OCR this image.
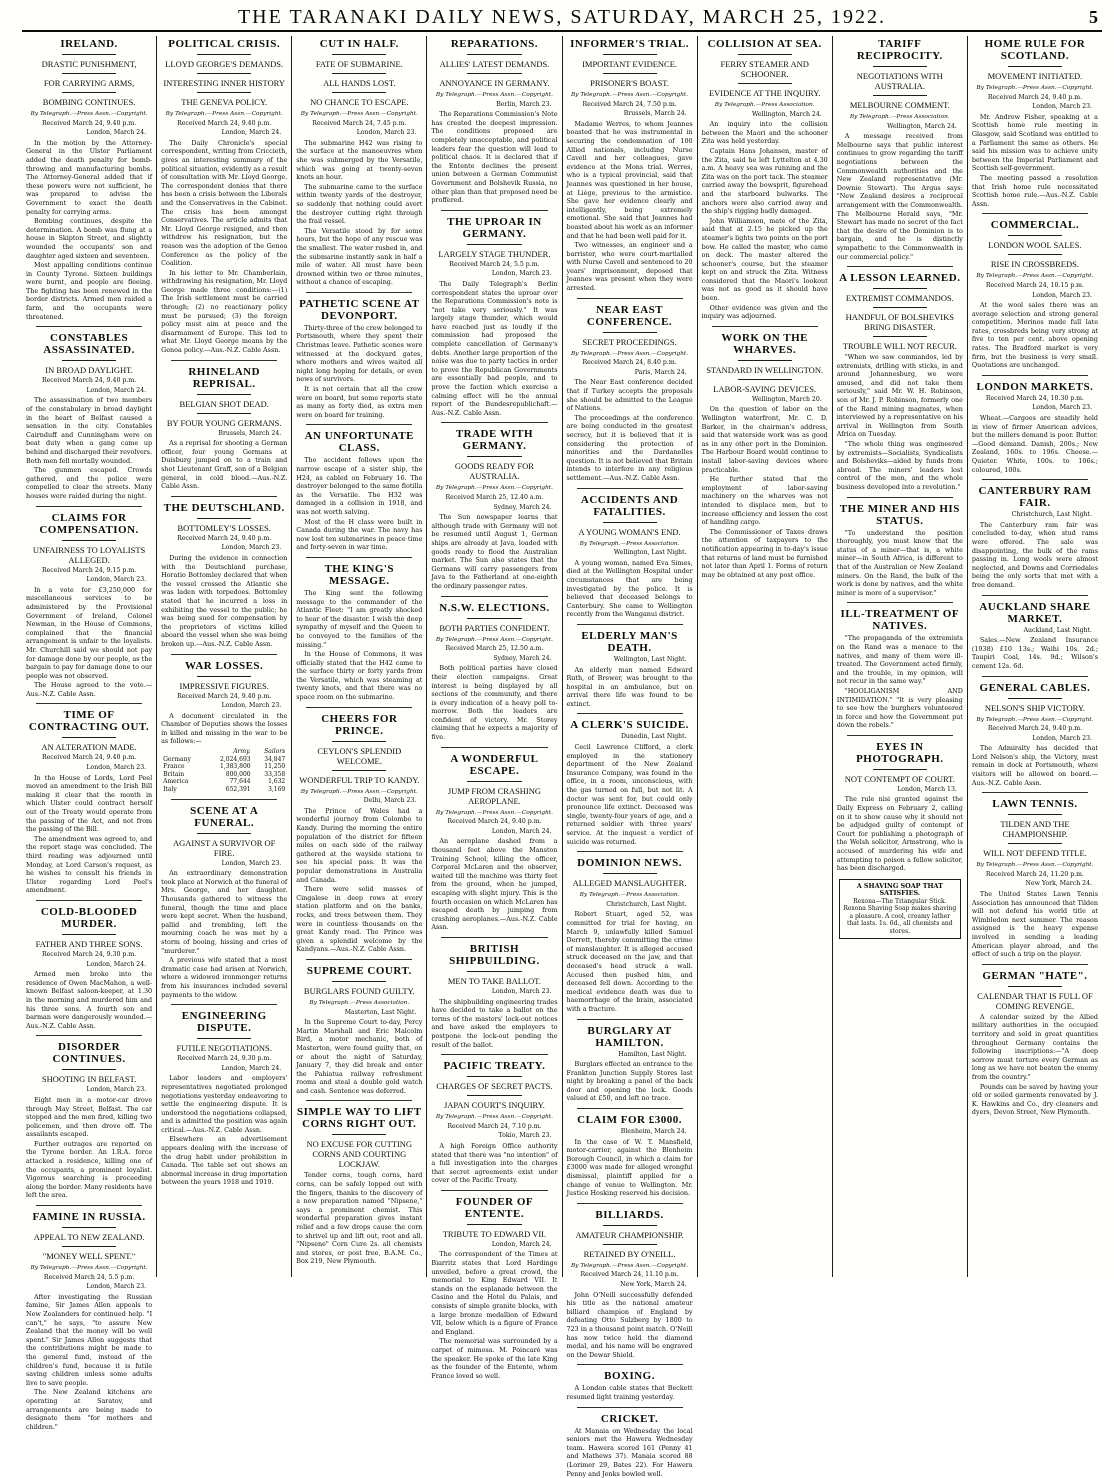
THE TARANAKI DAILY NEWS, SATURDAY, MARCH 25, 1922.	5
IRELAND.
DRASTIC PUNISHMENT,
FOR CARRYING ARMS,
BOMBING CONTINUES.
By Telegraph.—Press Assn.—Copyright.
Received March 24, 9.40 p.m.
London, March 24.

In the motion by the Attorney-General in the Ulster Parliament added the death penalty for bomb-throwing and manufacturing bombs. The Attorney-General added that if these powers were not sufficient, he was prepared to advise the Government to exact the death penalty for carrying arms.

Bombing continues, despite the determination. A bomb was flung at a house in Skipton Street, and slightly wounded the occupants' son and daughter aged sixteen and seventeen.

Most appalling conditions continue in County Tyrone. Sixteen buildings were burnt, and people are fleeing. The fighting has been renewed in the border districts. Armed men raided a farm, and the occupants were threatened.

CONSTABLES ASSASSINATED.
IN BROAD DAYLIGHT.
Received March 24, 9.40 p.m.
London, March 24.

The assassination of two members of the constabulary in broad daylight in the heart of Belfast caused a sensation in the city. Constables Cairnduff and Cunningham were on beat duty when a gang came up behind and discharged their revolvers. Both men fell mortally wounded.

The gunmen escaped. Crowds gathered, and the police were compelled to clear the streets. Many houses were raided during the night.

CLAIMS FOR COMPENSATION.
UNFAIRNESS TO LOYALISTS ALLEGED.
Received March 24, 9.15 p.m.
London, March 23.

In a vote for £3,250,000 for miscellaneous services to be administered by the Provisional Government of Ireland, Colonel Newman, in the House of Commons, complained that the financial arrangement is unfair to the loyalists. Mr. Churchill said we should not pay for damage done by our people, as the bargain to pay for damage done to our people was not observed.

The House agreed to the vote.—Aus.-N.Z. Cable Assn.

TIME OF CONTRACTING OUT.
AN ALTERATION MADE.
Received March 24, 9.40 p.m.
London, March 23.

In the House of Lords, Lord Peel moved an amendment to the Irish Bill making it clear that the month in which Ulster could contract herself out of the Treaty would operate from the passing of the Act, and not from the passing of the Bill.

The amendment was agreed to, and the report stage was concluded. The third reading was adjourned until Monday, at Lord Carson's request, as he wishes to consult his friends in Ulster regarding Lord Peel's amendment.

COLD-BLOODED MURDER.
FATHER AND THREE SONS.
Received March 24, 9.30 p.m.
London, March 24.

Armed men broke into the residence of Owen MacMahon, a well-known Belfast saloon-keeper, at 1.30 in the morning and murdered him and his three sons. A fourth son and barman were dangerously wounded.—Aus.-N.Z. Cable Assn.

DISORDER CONTINUES.
SHOOTING IN BELFAST.
London, March 23.

Eight men in a motor-car drove through May Street, Belfast. The car stopped and the men fired, killing two policemen, and then drove off. The assailants escaped.

Further outrages are reported on the Tyrone border. An I.R.A. force attacked a residence, killing one of the occupants, a prominent loyalist. Vigorous searching is proceeding along the border. Many residents have left the area.

FAMINE IN RUSSIA.
APPEAL TO NEW ZEALAND.
"MONEY WELL SPENT."
By Telegraph.—Press Assn.—Copyright.
Received March 24, 5.5 p.m.
London, March 23.

After investigating the Russian famine, Sir James Allen appeals to New Zealanders for continued help. "I can't," he says, "to assure New Zealand that the money will be well spent." Sir James Allen suggests that the contributions might be made to the general fund, instead of the children's fund, because it is futile saving children unless some adults live to save people.

The New Zealand kitchens are operating at Saratov, and arrangements are being made to designate them "for mothers and children."

POLITICAL CRISIS.
LLOYD GEORGE'S DEMANDS.
INTERESTING INNER HISTORY
THE GENEVA POLICY.
By Telegraph.—Press Assn.—Copyright.
Received March 24, 9.40 p.m.
London, March 24.

The Daily Chronicle's special correspondent, writing from Criccieth, gives an interesting summary of the political situation, evidently as a result of consultation with Mr. Lloyd George. The correspondent denies that there has been a crisis between the Liberals and the Conservatives in the Cabinet. The crisis has been amongst Conservatives. The article admits that Mr. Lloyd George resigned, and then withdrew his resignation, but the reason was the adoption of the Genoa Conference as the policy of the Coalition.

In his letter to Mr. Chamberlain, withdrawing his resignation, Mr. Lloyd George made three conditions:—(1) The Irish settlement must be carried through; (2) no reactionary policy must be pursued; (3) the foreign policy must aim at peace and the disarmament of Europe. This led to what Mr. Lloyd George means by the Genoa policy.—Aus.-N.Z. Cable Assn.

RHINELAND REPRISAL.
BELGIAN SHOT DEAD.
BY FOUR YOUNG GERMANS.
Brussels, March 24.

As a reprisal for shooting a German officer, four young Germans at Duisburg jumped on to a train and shot Lieutenant Graff, son of a Belgian general, in cold blood.—Aus.-N.Z. Cable Assn.

THE DEUTSCHLAND.
BOTTOMLEY'S LOSSES.
Received March 24, 9.40 p.m.
London, March 23.

During the evidence in connection with the Deutschland purchase, Horatio Bottomley declared that when the vessel crossed the Atlantic she was laden with torpedoes. Bottomley stated that he incurred a loss in exhibiting the vessel to the public; he was being sued for compensation by the proprietors of victims killed aboard the vessel when she was being broken up.—Aus.-N.Z. Cable Assn.

WAR LOSSES.
IMPRESSIVE FIGURES.
Received March 24, 9.40 p.m.
London, March 23.

A document circulated in the Chamber of Deputies shows the losses in killed and missing in the war to be as follows:—

	Army.	Sailors
Germany	2,024,693	34,847
France	1,383,800	11,250
Britain	800,000	33,358
America	77,644	1,632
Italy	652,391	3,169
SCENE AT A FUNERAL.
AGAINST A SURVIVOR OF FIRE.
London, March 23.

An extraordinary demonstration took place at Norwich at the funeral of Mrs. George, and her daughter. Thousands gathered to witness the funeral, though the time and place were kept secret. When the husband, pallid and trembling, left the mourning coach he was met by a storm of booing, hissing and cries of "murderer."

A previous wife stated that a most dramatic case had arisen at Norwich, where a widowed ironmonger returns from his insurances included several payments to the widow.

ENGINEERING DISPUTE.
FUTILE NEGOTIATIONS.
Received March 24, 9.30 p.m.
London, March 24.

Labor leaders and employers' representatives negotiated prolonged negotiations yesterday endeavoring to settle the engineering dispute. It is understood the negotiations collapsed, and is admitted the position was again critical.—Aus.-N.Z. Cable Assn.

Elsewhere an advertisement appears dealing with the increase of the drug habit under prohibition in Canada. The table set out shows an abnormal increase in drug importation between the years 1918 and 1919.

CUT IN HALF.
FATE OF SUBMARINE.
ALL HANDS LOST.
NO CHANCE TO ESCAPE.
By Telegraph.—Press Assn.—Copyright.
Received March 24, 7.45 p.m.
London, March 23.

The submarine H42 was rising to the surface at the manoeuvres when she was submerged by the Versatile, which was going at twenty-seven knots an hour.

The submarine came to the surface within twenty yards of the destroyer, so suddenly that nothing could avert the destroyer cutting right through the frail vessel.

The Versatile stood by for some hours, but the hope of any rescue was the smallest. The water rushed in, and the submarine instantly sank in half a mile of water. All must have been drowned within two or three minutes, without a chance of escaping.

PATHETIC SCENE AT DEVONPORT.

Thirty-three of the crew belonged to Portsmouth, where they spent their Christmas leave. Pathetic scenes were witnessed at the dockyard gates, where mothers and wives waited all night long hoping for details, or even news of survivors.

It is not certain that all the crew were on board, but some reports state as many as forty died, as extra men were on board for training.

AN UNFORTUNATE CLASS.

The accident follows upon the narrow escape of a sister ship, the H24, as cabled on February 16. The destroyer belonged to the same flotilla as the Versatile. The H32 was damaged in a collision in 1918, and was not worth salving.

Most of the H class were built in Canada during the war. The navy has now lost ten submarines in peace time and forty-seven in war time.

THE KING'S MESSAGE.

The King sent the following message to the commander of the Atlantic Fleet: "I am greatly shocked to hear of the disaster. I wish the deep sympathy of myself and the Queen to be conveyed to the families of the missing."

In the House of Commons, it was officially stated that the H42 came to the surface thirty or forty yards from the Versatile, which was steaming at twenty knots, and that there was no space room on the submarine.

CHEERS FOR PRINCE.
CEYLON'S SPLENDID WELCOME.
WONDERFUL TRIP TO KANDY.
By Telegraph.—Press Assn.—Copyright.
Delhi, March 23.

The Prince of Wales had a wonderful journey from Colombo to Kandy. During the morning the entire population of the district for fifteen miles on each side of the railway gathered at the wayside stations to see his special pass. It was the popular demonstrations in Australia and Canada.

There were solid masses of Cingalese in deep rows at every station platform and on the banks, rocks, and trees between them. They were in countless thousands on the great Kandy road. The Prince was given a splendid welcome by the Kandyans.—Aus.-N.Z. Cable Assn.

SUPREME COURT.
BURGLARS FOUND GUILTY.
By Telegraph.—Press Association.
Masterton, Last Night.

In the Supreme Court to-day, Percy Martin Marshall and Eric Malcolm Bird, a motor mechanic, both of Masterton, were found guilty that, on or about the night of Saturday, January 7, they did break and enter the Pahiatua railway refreshment rooms and steal a double gold watch and cash. Sentence was deferred.

SIMPLE WAY TO LIFT CORNS RIGHT OUT.
NO EXCUSE FOR CUTTING CORNS AND COURTING LOCKJAW.

Tender corns, tough corns, hard corns, can be safely lopped out with the fingers, thanks to the discovery of a new preparation named "Nipsene," says a prominent chemist. This wonderful preparation gives instant relief and a few drops cause the corn to shrivel up and lift out, root and all. "Nipsene" Corn Cure 2s. all chemists and stores, or post free, B.A.M. Co., Box 219, New Plymouth.

REPARATIONS.
ALLIES' LATEST DEMANDS.
ANNOYANCE IN GERMANY.
By Telegraph.—Press Assn.—Copyright.
Berlin, March 23.

The Reparations Commission's Note has created the deepest impression. The conditions proposed are completely unacceptable, and political leaders fear the question will lead to political chaos. It is declared that if the Entente declines the present union between a German Communist Government and Bolshevik Russia, no other plan than that proposed need be proffered.

THE UPROAR IN GERMANY.
LARGELY STAGE THUNDER.
Received March 24, 5.5 p.m.
London, March 23.

The Daily Telegraph's Berlin correspondent states the uproar over the Reparations Commission's note is "not take very seriously." It was largely stage thunder, which would have reached just as loudly if the commission had proposed the complete cancellation of Germany's debts. Another large proportion of the noise was due to party tactics in order to prove the Republican Governments are essentially bad people, and to prove the faction which exercise a calming effect will be the annual report of the Bundesrepublichaft.—Aus.-N.Z. Cable Assn.

TRADE WITH GERMANY.
GOODS READY FOR AUSTRALIA.
By Telegraph.—Press Assn.—Copyright.
Received March 25, 12.40 a.m.
Sydney, March 24.

The Sun newspaper learns that although trade with Germany will not be resumed until August 1, German ships are already at Java, loaded with goods ready to flood the Australian market. The Sun also states that the Germans will carry passengers from Java to the Fatherland at one-eighth the ordinary passenger rates.

N.S.W. ELECTIONS.
BOTH PARTIES CONFIDENT.
By Telegraph.—Press Assn.—Copyright.
Received March 25, 12.50 a.m.
Sydney, March 24.

Both political parties have closed their election campaigns. Great interest is being displayed by all sections of the community, and there is every indication of a heavy poll to-morrow. Both the leaders are confident of victory. Mr. Storey claiming that he expects a majority of five.

A WONDERFUL ESCAPE.
JUMP FROM CRASHING AEROPLANE.
By Telegraph.—Press Assn.—Copyright.
Received March 24, 9.40 p.m.
London, March 24.

An aeroplane dashed from a thousand feet above the Manston Training School, killing the officer, Corporal McLaren and the observer, waited till the machine was thirty feet from the ground, when he jumped, escaping with slight injury. This is the fourth occasion on which McLaren has escaped death by jumping from crashing aeroplanes.—Aus.-N.Z. Cable Assn.

BRITISH SHIPBUILDING.
MEN TO TAKE BALLOT.
London, March 23.

The shipbuilding engineering trades have decided to take a ballot on the terms of the masters' lock-out notices and have asked the employers to postpone the lock-out pending the result of the ballot.

PACIFIC TREATY.
CHARGES OF SECRET PACTS.
JAPAN COURT'S INQUIRY.
By Telegraph.—Press Assn.—Copyright.
Received March 24, 7.10 p.m.
Tokio, March 23.

A high Foreign Office authority stated that there was "no intention" of a full investigation into the charges that secret agreements exist under cover of the Pacific Treaty.

FOUNDER OF ENTENTE.
TRIBUTE TO EDWARD VII.
London, March 24.

The correspondent of the Times at Biarritz states that Lord Hardinge unveiled, before a great crowd, the memorial to King Edward VII. It stands on the esplanade between the Casino and the Hotel du Palais, and consists of simple granite blocks, with a large bronze medallion of Edward VII, below which is a figure of France and England.

The memorial was surrounded by a carpet of mimosa. M. Poincaré was the speaker. He spoke of the late King as the founder of the Entente, whom France loved so well.

INFORMER'S TRIAL.
IMPORTANT EVIDENCE.
PRISONER'S BOAST.
By Telegraph.—Press Assn.—Copyright.
Received March 24, 7.50 p.m.
Brussels, March 24.

Madame Werres, to whom Jeannes boasted that he was instrumental in securing the condemnation of 100 Allied nationals, including Nurse Cavell and her colleagues, gave evidence at the Mons trial. Werres, who is a typical provincial, said that Jeannes was questioned in her house, at Liège, previous to the armistice. She gave her evidence clearly and intelligently, being extremely emotional. She said that Jeannes had boasted about his work as an informer and that he had been well paid for it.

Two witnesses, an engineer and a barrister, who were court-martialled with Nurse Cavell and sentenced to 20 years' imprisonment, deposed that Jeannes was present when they were arrested.

NEAR EAST CONFERENCE.
SECRET PROCEEDINGS.
By Telegraph.—Press Assn.—Copyright.
Received March 24, 8.40 p.m.
Paris, March 24.

The Near East conference decided that if Turkey accepts the proposals she should be admitted to the League of Nations.

The proceedings at the conference are being conducted in the greatest secrecy, but it is believed that it is considering the protection of minorities and the Dardanelles question. It is not believed that Britain intends to interfere in any religious settlement.—Aus.-N.Z. Cable Assn.

ACCIDENTS AND FATALITIES.
A YOUNG WOMAN'S END.
By Telegraph.—Press Association.
Wellington, Last Night.

A young woman, named Eva Simes, died at the Wellington Hospital under circumstances that are being investigated by the police. It is believed that deceased belongs to Canterbury. She came to Wellington recently from the Wanganui district.

ELDERLY MAN'S DEATH.
Wellington, Last Night.

An elderly man named Edward Ruth, of Brewer, was brought to the hospital in an ambulance, but on arrival there life was found to be extinct.

A CLERK'S SUICIDE.
Dunedin, Last Night.

Cecil Lawrence Clifford, a clerk employed in the stationery department of the New Zealand Insurance Company, was found in the office, in a room, unconscious, with the gas turned on full, but not lit. A doctor was sent for, but could only pronounce life extinct. Deceased was single, twenty-four years of age, and a returned soldier with three years' service. At the inquest a verdict of suicide was returned.

DOMINION NEWS.
ALLEGED MANSLAUGHTER.
By Telegraph.—Press Association.
Christchurch, Last Night.

Robert Stuart, aged 52, was committed for trial for having, on March 9, unlawfully killed Samuel Derrett, thereby committing the crime of manslaughter. It is alleged accused struck deceased on the jaw, and that deceased's head struck a wall. Accused then pushed him, and deceased fell down. According to the medical evidence death was due to haemorrhage of the brain, associated with a fracture.

BURGLARY AT HAMILTON.
Hamilton, Last Night.

Burglars effected an entrance to the Frankton Junction Supply Stores last night by breaking a panel of the back door and opening the lock. Goods valued at £50, and left no trace.

CLAIM FOR £3000.
Blenheim, March 24.

In the case of W. T. Mansfield, motor-carrier, against the Blenheim Borough Council, in which a claim for £3000 was made for alleged wrongful dismissal, plaintiff applied for a change of venue to Wellington. Mr. Justice Hosking reserved his decision.

BILLIARDS.
AMATEUR CHAMPIONSHIP.
RETAINED BY O'NEILL.
By Telegraph.—Press Assn.—Copyright.
Received March 24, 11.10 p.m.
New York, March 24.

John O'Neill successfully defended his title as the national amateur billiard champion of England by defeating Otto Sulzberg by 1800 to 723 in a thousand point match. O'Neill has now twice held the diamond medal, and his name will be engraved on the Dewar Shield.

BOXING.

A London cable states that Beckett resumed light training yesterday.

CRICKET.

At Manaia on Wednesday the local seniors met the Hawera Wednesday team. Hawera scored 161 (Penny 41 and Mathews 37). Manaia scored 88 (Lorimer 29, Bates 22). For Hawera Penny and Jenks bowled well.

COLLISION AT SEA.
FERRY STEAMER AND SCHOONER.
EVIDENCE AT THE INQUIRY.
By Telegraph.—Press Association.
Wellington, March 24.

An inquiry into the collision between the Maori and the schooner Zita was held yesterday.

Captain Hans Johansen, master of the Zita, said he left Lyttelton at 4.30 a.m. A heavy sea was running and the Zita was on the port tack. The steamer carried away the bowsprit, figurehead and the starboard bulwarks. The anchors were also carried away and the ship's rigging badly damaged.

John Williamson, mate of the Zita, said that at 2.15 he picked up the steamer's lights two points on the port bow. He called the master, who came on deck. The master altered the schooner's course, but the steamer kept on and struck the Zita. Witness considered that the Maori's lookout was not as good as it should have been.

Other evidence was given and the inquiry was adjourned.

WORK ON THE WHARVES.
STANDARD IN WELLINGTON.
LABOR-SAVING DEVICES.
Wellington, March 20.

On the question of labor on the Wellington waterfront, Mr. C. D. Barker, in the chairman's address, said that waterside work was as good as in any other port in the Dominion. The Harbour Board would continue to install labor-saving devices where practicable.

He further stated that the employment of labor-saving machinery on the wharves was not intended to displace men, but to increase efficiency and lessen the cost of handling cargo.

The Commissioner of Taxes draws the attention of taxpayers to the notification appearing in to-day's issue that returns of land must be furnished not later than April 1. Forms of return may be obtained at any post office.

TARIFF RECIPROCITY.
NEGOTIATIONS WITH AUSTRALIA.
MELBOURNE COMMENT.
By Telegraph.—Press Association.
Wellington, March 24.

A message received from Melbourne says that public interest continues to grow regarding the tariff negotiations between the Commonwealth authorities and the New Zealand representative (Mr. Downie Stewart). The Argus says: "New Zealand desires a reciprocal arrangement with the Commonwealth. The Melbourne Herald says, "Mr. Stewart has made no secret of the fact that the desire of the Dominion is to bargain, and he is distinctly sympathetic to the Commonwealth in our commercial policy."

A LESSON LEARNED.
EXTREMIST COMMANDOS.
HANDFUL OF BOLSHEVIKS BRING DISASTER.
TROUBLE WILL NOT RECUR.

"When we saw commandos, led by extremists, drilling with sticks, in and around Johannesburg, we were amused, and did not take them seriously," said Mr. W. H. Robinson, son of Mr. J. P. Robinson, formerly one of the Rand mining magnates, when interviewed by a representative on his arrival in Wellington from South Africa on Tuesday.

"The whole thing was engineered by extremists—Socialists, Syndicalists and Bolsheviks—aided by funds from abroad. The miners' leaders lost control of the men, and the whole business developed into a revolution."

THE MINER AND HIS STATUS.

"To understand the position thoroughly, you must know that the status of a miner—that is, a white miner—in South Africa, is different to that of the Australian or New Zealand miners. On the Rand, the bulk of the work is done by natives, and the white miner is more of a supervisor."

ILL-TREATMENT OF NATIVES.

"The propaganda of the extremists on the Rand was a menace to the natives, and many of them were ill-treated. The Government acted firmly, and the trouble, in my opinion, will not recur in the same way."

"HOOLIGANISM AND INTIMIDATION." "It is very pleasing to see how the burghers volunteered in force and how the Government put down the rebels."

EYES IN PHOTOGRAPH.
NOT CONTEMPT OF COURT.
London, March 13.

The rule nisi granted against the Daily Express on February 2, calling on it to show cause why it should not be adjudged guilty of contempt of Court for publishing a photograph of the Welsh solicitor, Armstrong, who is accused of murdering his wife and attempting to poison a fellow solicitor, has been discharged.

A SHAVING SOAP THAT SATISFIES.
Rexona—The Triangular Stick. Rexona Shaving Soap makes shaving a pleasure. A cool, creamy lather that lasts. 1s. 6d., all chemists and stores.
HOME RULE FOR SCOTLAND.
MOVEMENT INITIATED.
By Telegraph.—Press Assn.—Copyright.
Received March 24, 9.40 p.m.
London, March 23.

Mr. Andrew Fisher, speaking at a Scottish home rule meeting in Glasgow, said Scotland was entitled to a Parliament the same as others. He said his mission was to achieve unity between the Imperial Parliament and Scottish self-government.

The meeting passed a resolution that Irish home rule necessitated Scottish home rule.—Aus.-N.Z. Cable Assn.

COMMERCIAL.
LONDON WOOL SALES.
RISE IN CROSSBREDS.
By Telegraph.—Press Assn.—Copyright.
Received March 24, 10.15 p.m.
London, March 23.

At the wool sales there was an average selection and strong general competition. Merinos made full late rates, crossbreds being very strong at five to ten per cent. above opening rates. The Bradford market is very firm, but the business is very small. Quotations are unchanged.

LONDON MARKETS.
Received March 24, 10.30 p.m.
London, March 23.

Wheat.—Cargoes are steadily held in view of firmer American advices, but the millers demand is poor. Butter.—Good demand. Danish, 200s.; New Zealand, 160s. to 196s. Cheese.—Quieter. White, 100s. to 106s.; coloured, 100s.

CANTERBURY RAM FAIR.
Christchurch, Last Night.

The Canterbury ram fair was concluded to-day, when stud rams were offered. The sale was disappointing, the bulk of the rams passing in. Long wools were almost neglected, and Downs and Corriedales being the only sorts that met with a free demand.

AUCKLAND SHARE MARKET.
Auckland, Last Night.

Sales.—New Zealand Insurance (1938) £10 13s.; Waihi 10s. 2d.; Taupiri Coal, 14s. 9d.; Wilson's cement 12s. 6d.

GENERAL CABLES.
NELSON'S SHIP VICTORY.
By Telegraph.—Press Assn.—Copyright.
Received March 24, 9.40 p.m.
London, March 23.

The Admiralty has decided that Lord Nelson's ship, the Victory, must remain in dock at Portsmouth, where visitors will be allowed on board.—Aus.-N.Z. Cable Assn.

LAWN TENNIS.
TILDEN AND THE CHAMPIONSHIP.
WILL NOT DEFEND TITLE.
By Telegraph.—Press Assn.—Copyright.
Received March 24, 11.20 p.m.
New York, March 24.

The United States Lawn Tennis Association has announced that Tilden will not defend his world title at Wimbledon next summer. The reason assigned is the heavy expense involved in sending a leading American player abroad, and the effect of such a trip on the player.

GERMAN "HATE".
CALENDAR THAT IS FULL OF COMING REVENGE.

A calendar seized by the Allied military authorities in the occupied territory and sold in great quantities throughout Germany contains the following inscriptions:—"A deep sorrow must torture every German as long as we have not beaten the enemy from the country."

Pounds can be saved by having your old or soiled garments renovated by J. K. Hawkins and Co., dry cleaners and dyers, Devon Street, New Plymouth.
